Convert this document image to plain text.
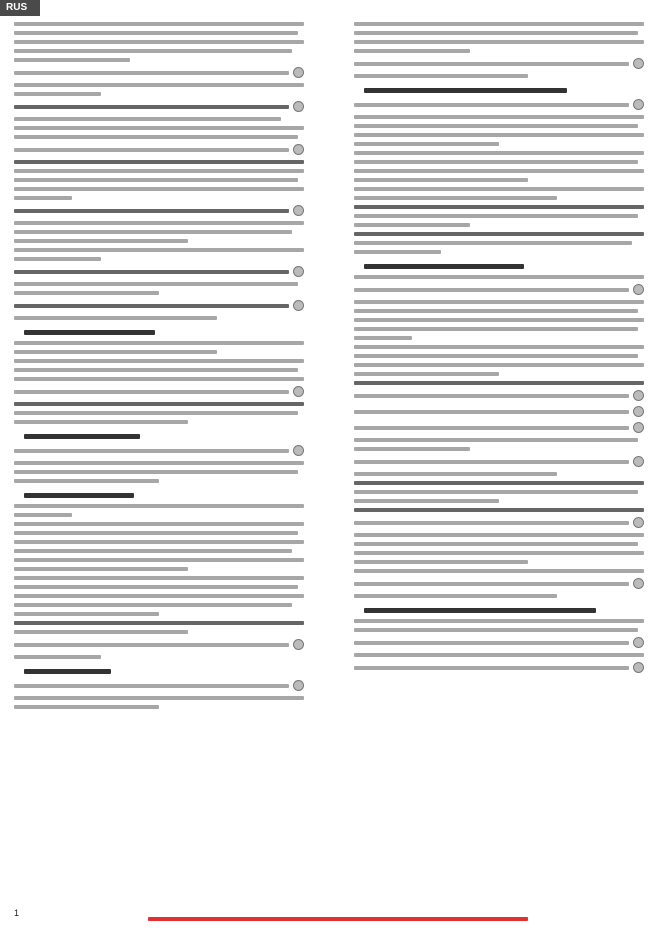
RUS
1
